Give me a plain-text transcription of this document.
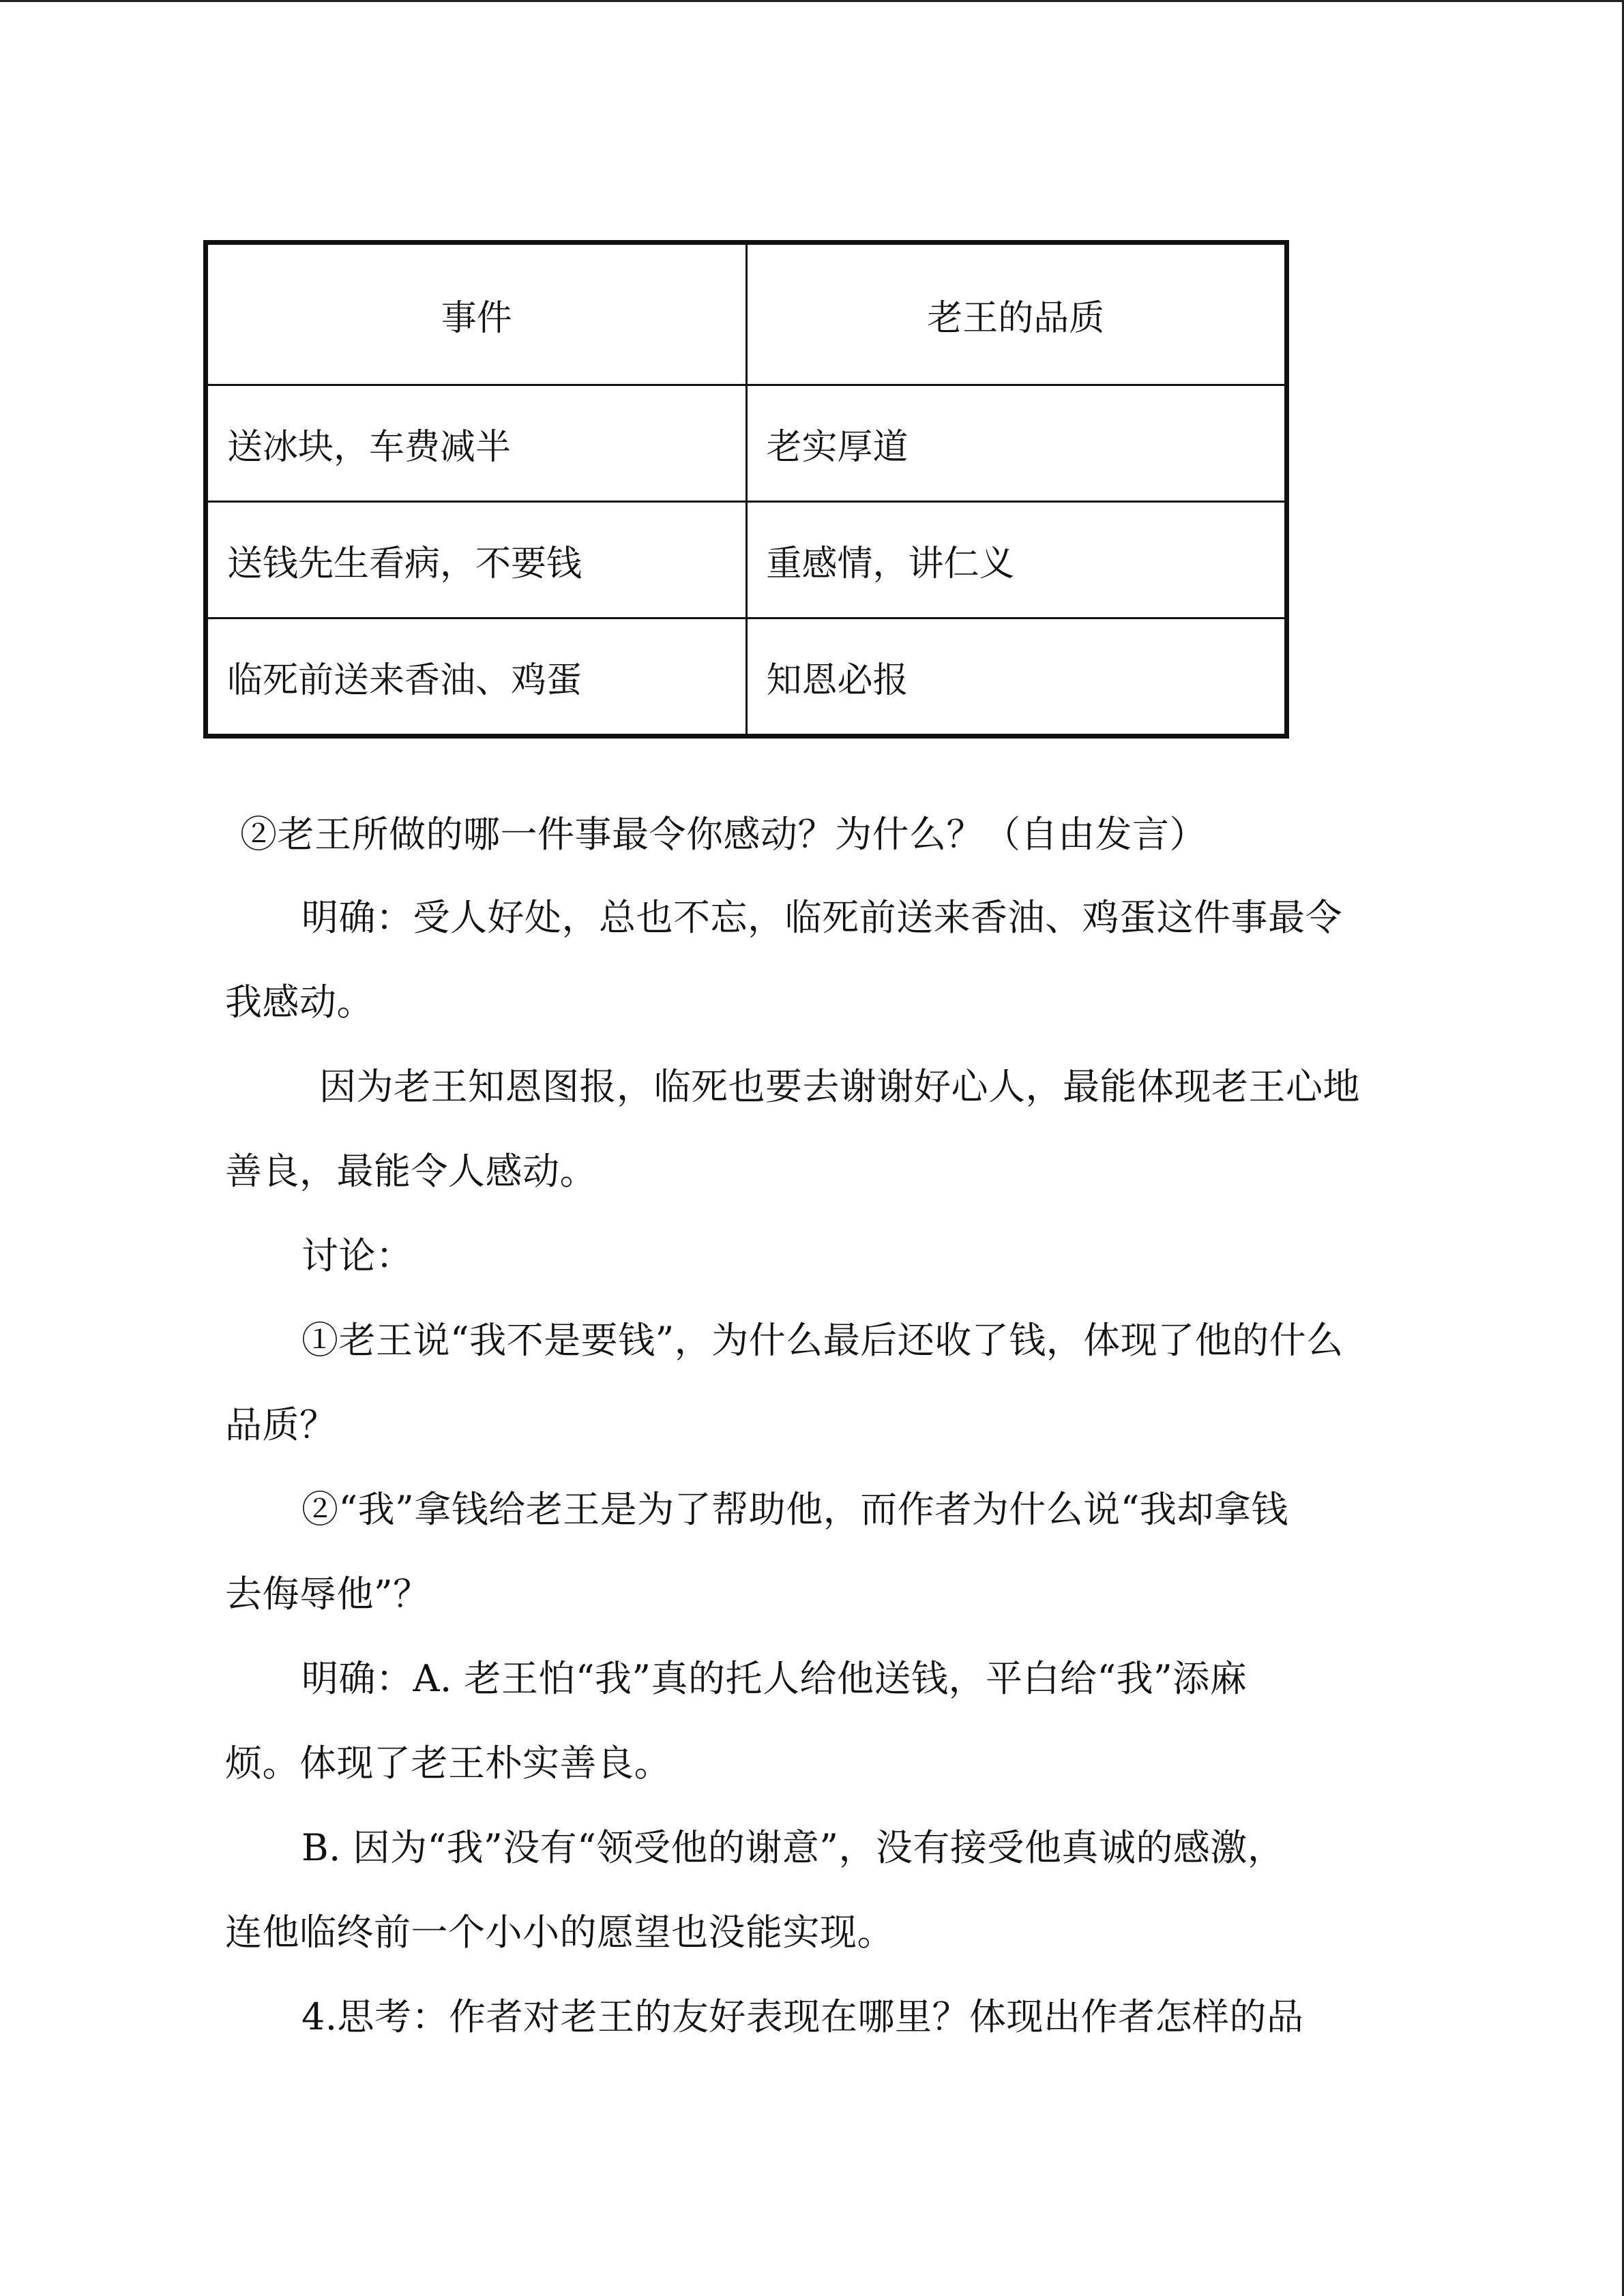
事件	老王的品质
送冰块，车费减半	老实厚道
送钱先生看病，不要钱	重感情，讲仁义
临死前送来香油、鸡蛋	知恩必报
②老王所做的哪一件事最令你感动？为什么？（自由发言）
明确：受人好处，总也不忘，临死前送来香油、鸡蛋这件事最令
我感动。
因为老王知恩图报，临死也要去谢谢好心人，最能体现老王心地
善良，最能令人感动。
讨论：
①老王说“我不是要钱”，为什么最后还收了钱，体现了他的什么
品质？
②“我”拿钱给老王是为了帮助他，而作者为什么说“我却拿钱
去侮辱他”？
明确：A. 老王怕“我”真的托人给他送钱，平白给“我”添麻
烦。体现了老王朴实善良。
B. 因为“我”没有“领受他的谢意”，没有接受他真诚的感激，
连他临终前一个小小的愿望也没能实现。
4.思考：作者对老王的友好表现在哪里？体现出作者怎样的品
